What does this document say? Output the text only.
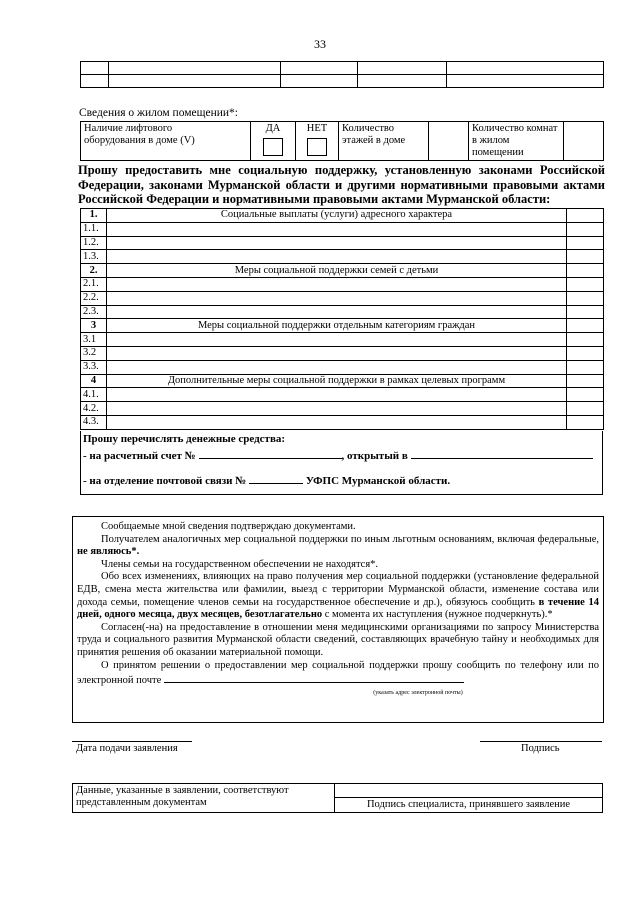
33

Сведения о жилом помещении*:
Наличие лифтового
оборудования в доме (V)

ДА	НЕТ	Количество этажей в доме		Количество комнат в жилом помещении	
Прошу предоставить мне социальную поддержку, установленную законами Российской Федерации, законами Мурманской области и другими нормативными правовыми актами Российской Федерации и нормативными правовыми актами Мурманской области:
1.	Социальные выплаты (услуги) адресного характера	
1.1.		
1.2.		
1.3.		
2.	Меры социальной поддержки семей с детьми	
2.1.		
2.2.		
2.3.		
3	Меры социальной поддержки отдельным категориям граждан	
3.1		
3.2		
3.3.		
4	Дополнительные меры социальной поддержки в рамках целевых программ	
4.1.		
4.2.		
4.3.		
Прошу перечислять денежные средства:
- на расчетный счет №	, открытый в
- на отделение почтовой связи №	УФПС Мурманской области.

Сообщаемые мной сведения подтверждаю документами.

Получателем аналогичных мер социальной поддержки по иным льготным основаниям, включая федеральные, не являюсь*.

Члены семьи на государственном обеспечении не находятся*.

Обо всех изменениях, влияющих на право получения мер социальной поддержки (установление федеральной ЕДВ, смена места жительства или фамилии, выезд с территории Мурманской области, изменение состава или дохода семьи, помещение членов семьи на государственное обеспечение и др.), обязуюсь сообщить в течение 14 дней, одного месяца, двух месяцев, безотлагательно с момента их наступления (нужное подчеркнуть).*

Согласен(-на) на предоставление в отношении меня медицинскими организациями по запросу Министерства труда и социального развития Мурманской области сведений, составляющих врачебную тайну и необходимых для принятия решения об оказании материальной помощи.

О принятом решении о предоставлении мер социальной поддержки прошу сообщить по телефону или по электронной почте

(указать адрес электронной почты)
Дата подачи заявления	Подпись
Данные, указанные в заявлении, соответствуют
представленным документам	Подпись специалиста, принявшего заявление
